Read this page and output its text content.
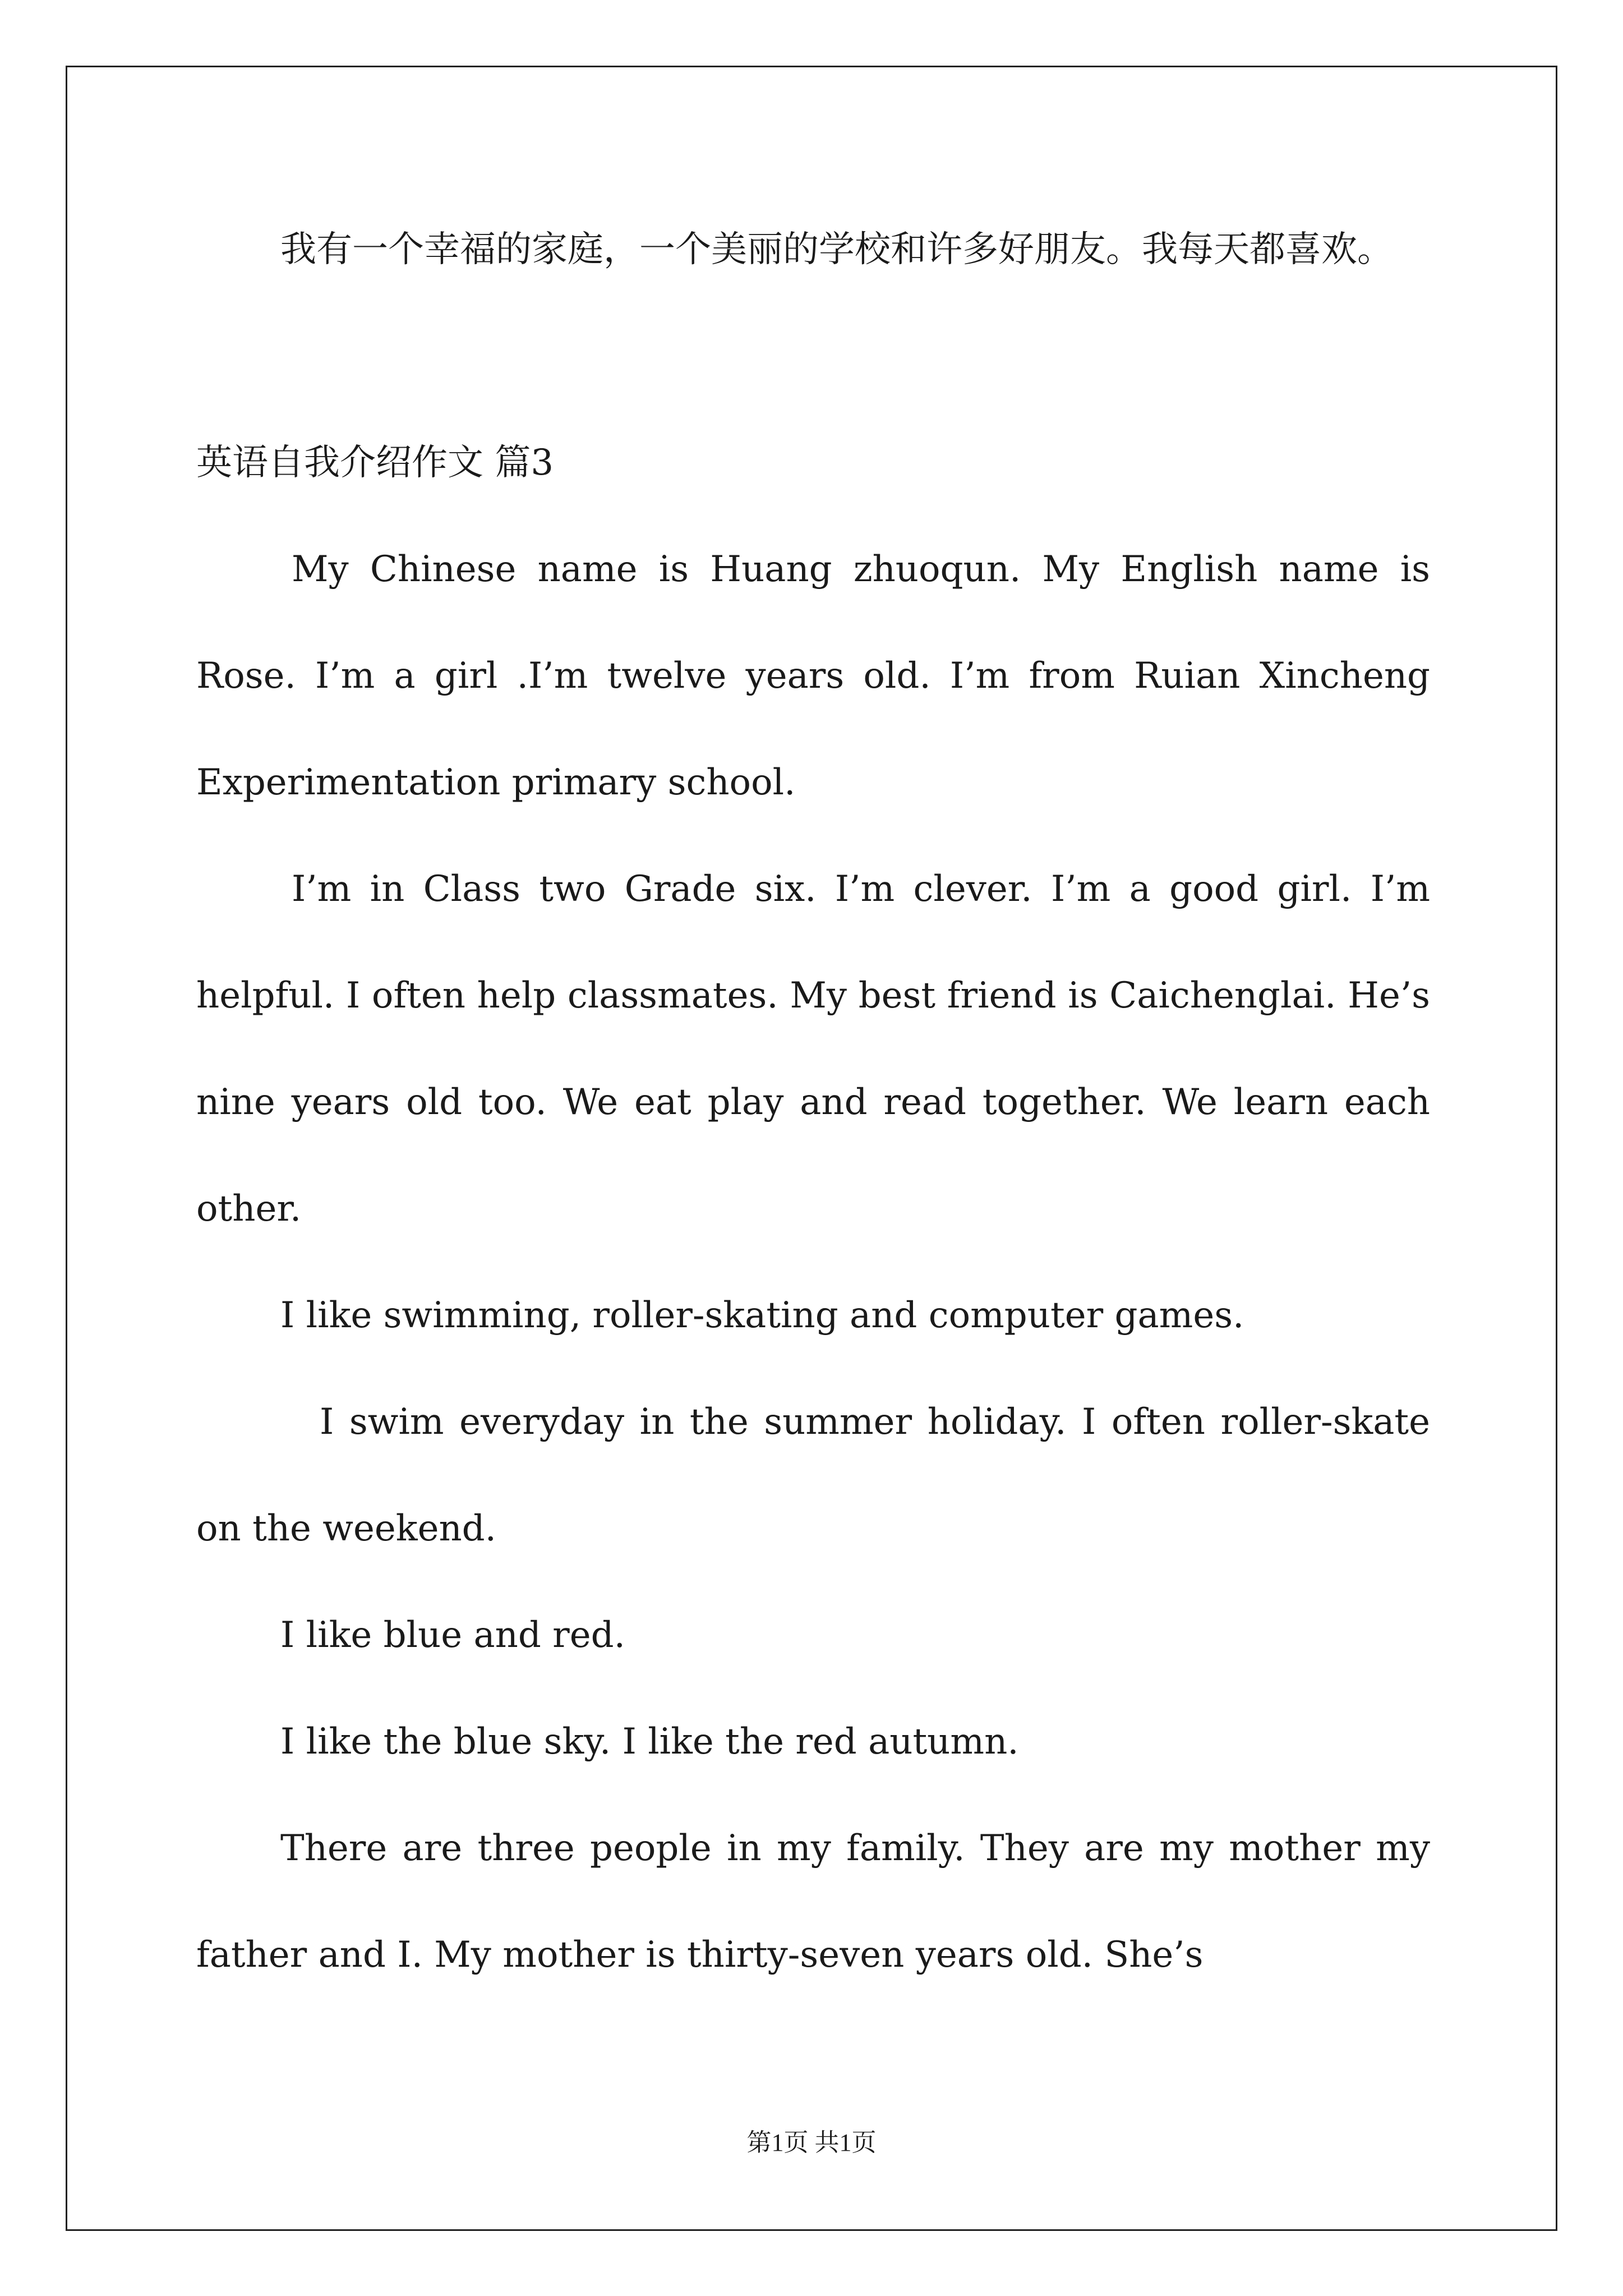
我有一个幸福的家庭，一个美丽的学校和许多好朋友。我每天都喜欢。
英语自我介绍作文 篇3
My Chinese name is Huang zhuoqun. My English name is Rose. I’m a girl .I’m twelve years old. I’m from Ruian Xincheng Experimentation primary school.
I’m in Class two Grade six. I’m clever. I’m a good girl. I’m helpful. I often help classmates. My best friend is Caichenglai. He’s nine years old too. We eat play and read together. We learn each other.
I like swimming, roller-skating and computer games.
I swim everyday in the summer holiday. I often roller-skate on the weekend.
I like blue and red.
I like the blue sky. I like the red autumn.
There are three people in my family. They are my mother my father and I. My mother is thirty-seven years old. She’s
第1页 共1页
